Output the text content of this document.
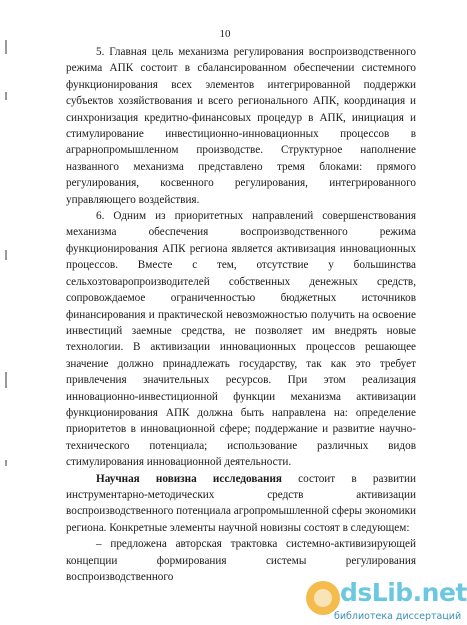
10

5. Главная цель механизма регулирования воспроизводственного режима АПК состоит в сбалансированном обеспечении системного функционирования всех элементов интегрированной поддержки субъектов хозяйствования и всего регионального АПК, координация и синхронизация кредитно-финансовых процедур в АПК, инициация и стимулирование инвестиционно-инновационных процессов в аграрнопромышленном производстве. Структурное наполнение названного механизма представлено тремя блоками: прямого регулирования, косвенного регулирования, интегрированного управляющего воздействия.

6. Одним из приоритетных направлений совершенствования механизма обеспечения воспроизводственного режима функционирования АПК региона является активизация инновационных процессов. Вместе с тем, отсутствие у большинства сельхозтоваропроизводителей собственных денежных средств, сопровождаемое ограниченностью бюджетных источников финансирования и практической невозможностью получить на освоение инвестиций заемные средства, не позволяет им внедрять новые технологии. В активизации инновационных процессов решающее значение должно принадлежать государству, так как это требует привлечения значительных ресурсов. При этом реализация инновационно-инвестиционной функции механизма активизации функционирования АПК должна быть направлена на: определение приоритетов в инновационной сфере; поддержание и развитие научно-технического потенциала; использование различных видов стимулирования инновационной деятельности.

Научная новизна исследования состоит в развитии инструментарно-методических средств активизации воспроизводственного потенциала агропромышленной сферы экономики региона. Конкретные элементы научной новизны состоят в следующем:

– предложена авторская трактовка системно-активизирующей концепции формирования системы регулирования воспроизводственного

dsLib.net
библиотека диссертаций
